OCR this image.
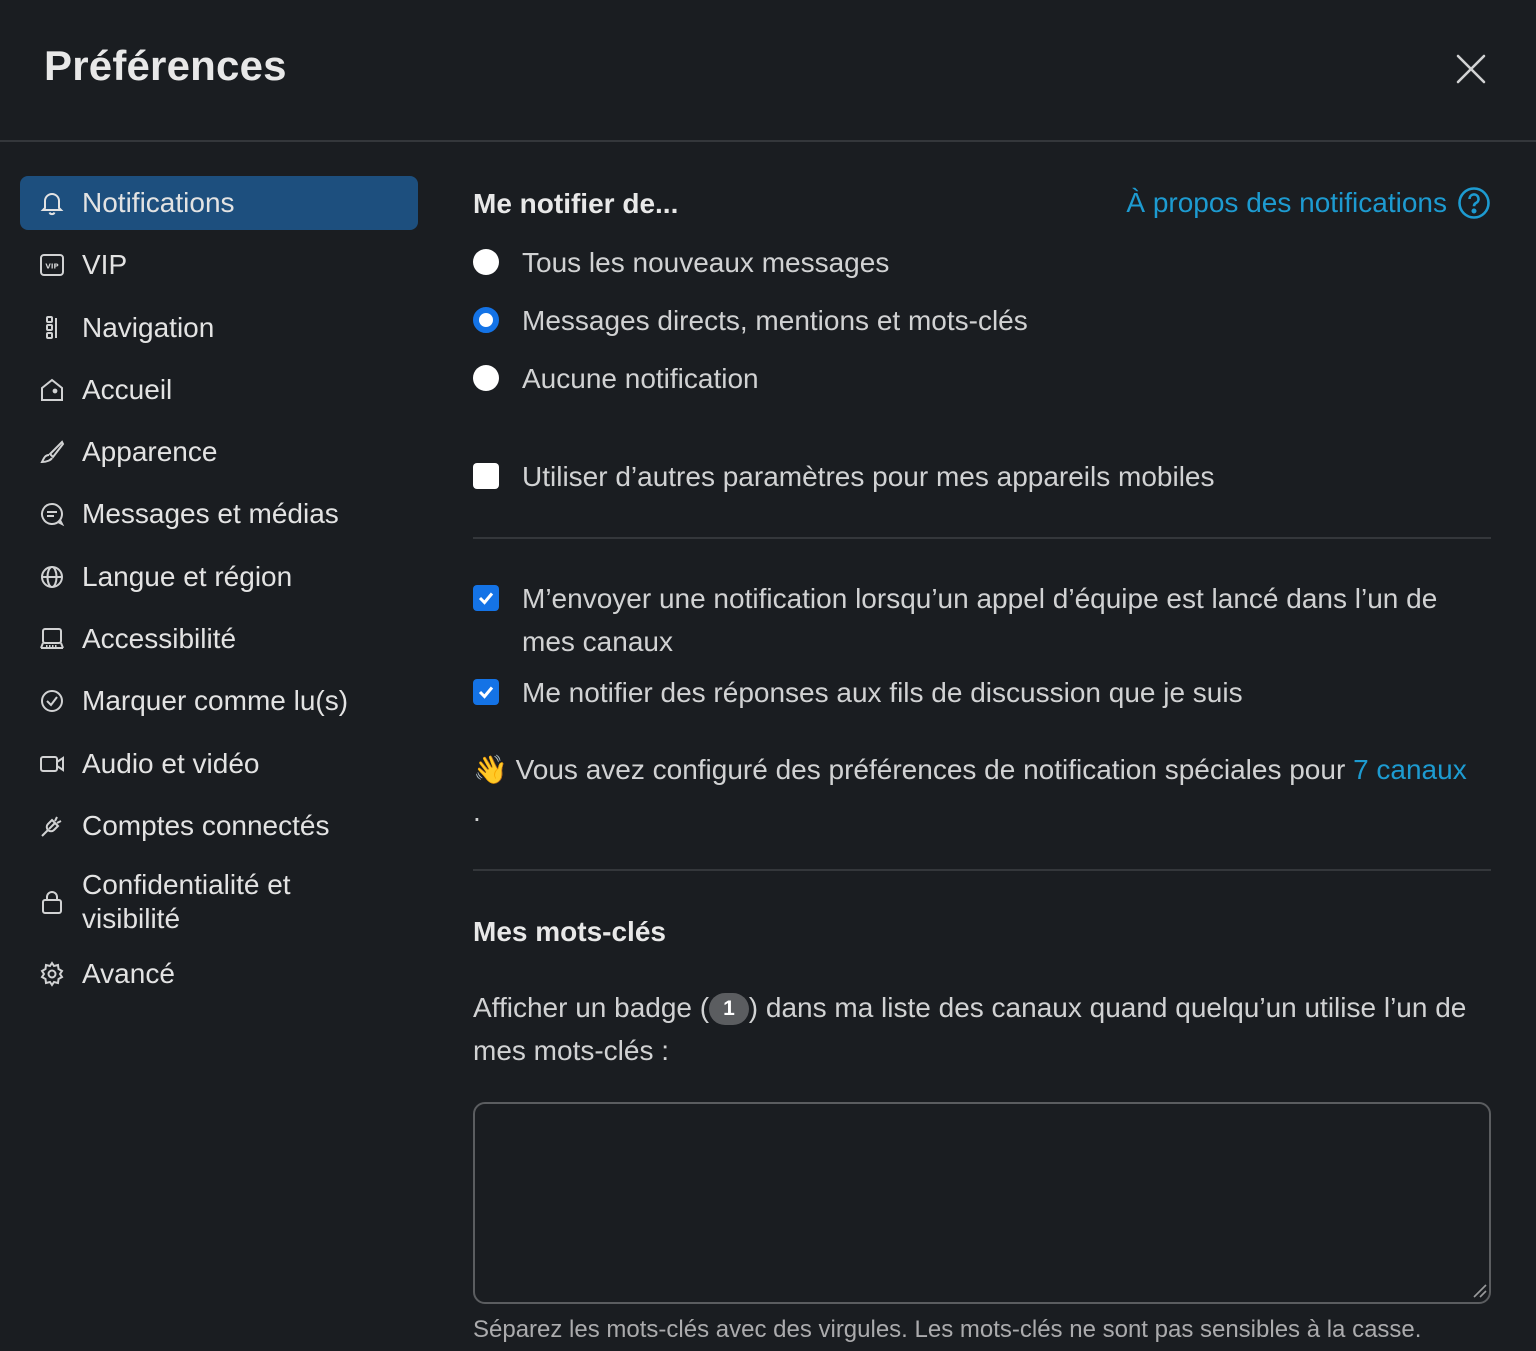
Préférences
Notifications
VIP VIP
Navigation
Accueil
Apparence
Messages et médias
Langue et région
Accessibilité
Marquer comme lu(s)
Audio et vidéo
Comptes connectés
Confidentialité et visibilité
Avancé
Me notifier de...	À propos des notifications
Tous les nouveaux messages
Messages directs, mentions et mots-clés
Aucune notification
Utiliser d’autres paramètres pour mes appareils mobiles
M’envoyer une notification lorsqu’un appel d’équipe est lancé dans l’un de mes canaux
Me notifier des réponses aux fils de discussion que je suis
👋 Vous avez configuré des préférences de notification spéciales pour 7 canaux
.
Mes mots-clés
Afficher un badge ( 1 ) dans ma liste des canaux quand quelqu’un utilise l’un de mes mots-clés :
Séparez les mots-clés avec des virgules. Les mots-clés ne sont pas sensibles à la casse.
